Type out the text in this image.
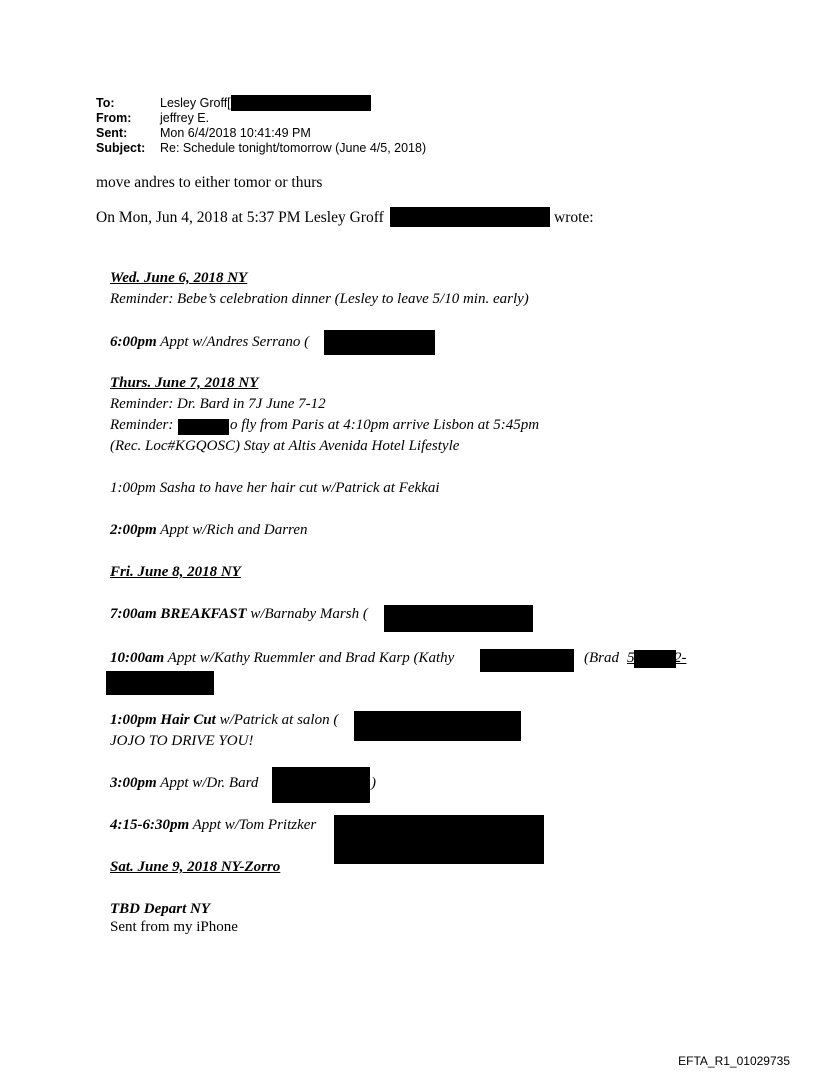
To:	Lesley Groff[
From:	jeffrey E.
Sent:	Mon 6/4/2018 10:41:49 PM
Subject:	Re: Schedule tonight/tomorrow (June 4/5, 2018)
move andres to either tomor or thurs
On Mon, Jun 4, 2018 at 5:37 PM Lesley Groff	wrote:
Wed. June 6, 2018 NY
Reminder: Bebe’s celebration dinner (Lesley to leave 5/10 min. early)
6:00pm Appt w/Andres Serrano (
Thurs. June 7, 2018 NY
Reminder: Dr. Bard in 7J June 7-12
Reminder:	o fly from Paris at 4:10pm arrive Lisbon at 5:45pm
(Rec. Loc#KGQOSC) Stay at Altis Avenida Hotel Lifestyle
1:00pm Sasha to have her hair cut w/Patrick at Fekkai
2:00pm Appt w/Rich and Darren
Fri. June 8, 2018 NY
7:00am BREAKFAST w/Barnaby Marsh (
10:00am Appt w/Kathy Ruemmler and Brad Karp (Kathy	(Brad 5	2-
1:00pm Hair Cut w/Patrick at salon (
JOJO TO DRIVE YOU!
3:00pm Appt w/Dr. Bard	)
4:15-6:30pm Appt w/Tom Pritzker
Sat. June 9, 2018 NY-Zorro
TBD Depart NY
Sent from my iPhone
EFTA_R1_01029735
